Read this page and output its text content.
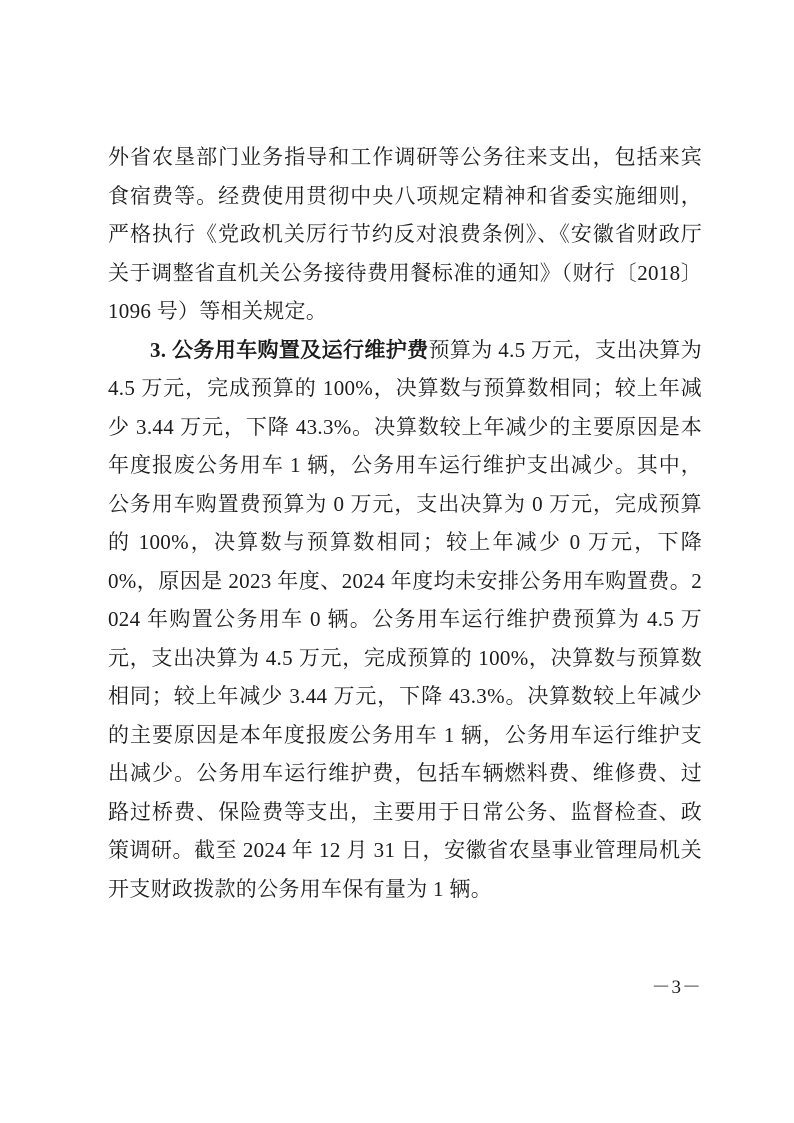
外省农垦部门业务指导和工作调研等公务往来支出，包括来宾食宿费等。经费使用贯彻中央八项规定精神和省委实施细则，严格执行《党政机关厉行节约反对浪费条例》、《安徽省财政厅关于调整省直机关公务接待费用餐标准的通知》（财行〔2018〕1096 号）等相关规定。

3. 公务用车购置及运行维护费预算为 4.5 万元，支出决算为 4.5 万元，完成预算的 100%，决算数与预算数相同；较上年减少 3.44 万元，下降 43.3%。决算数较上年减少的主要原因是本年度报废公务用车 1 辆，公务用车运行维护支出减少。其中，公务用车购置费预算为 0 万元，支出决算为 0 万元，完成预算的 100%，决算数与预算数相同；较上年减少 0 万元，下降 0%，原因是 2023 年度、2024 年度均未安排公务用车购置费。2024 年购置公务用车 0 辆。公务用车运行维护费预算为 4.5 万元，支出决算为 4.5 万元，完成预算的 100%，决算数与预算数相同；较上年减少 3.44 万元，下降 43.3%。决算数较上年减少的主要原因是本年度报废公务用车 1 辆，公务用车运行维护支出减少。公务用车运行维护费，包括车辆燃料费、维修费、过路过桥费、保险费等支出，主要用于日常公务、监督检查、政策调研。截至 2024 年 12 月 31 日，安徽省农垦事业管理局机关开支财政拨款的公务用车保有量为 1 辆。

－3－
